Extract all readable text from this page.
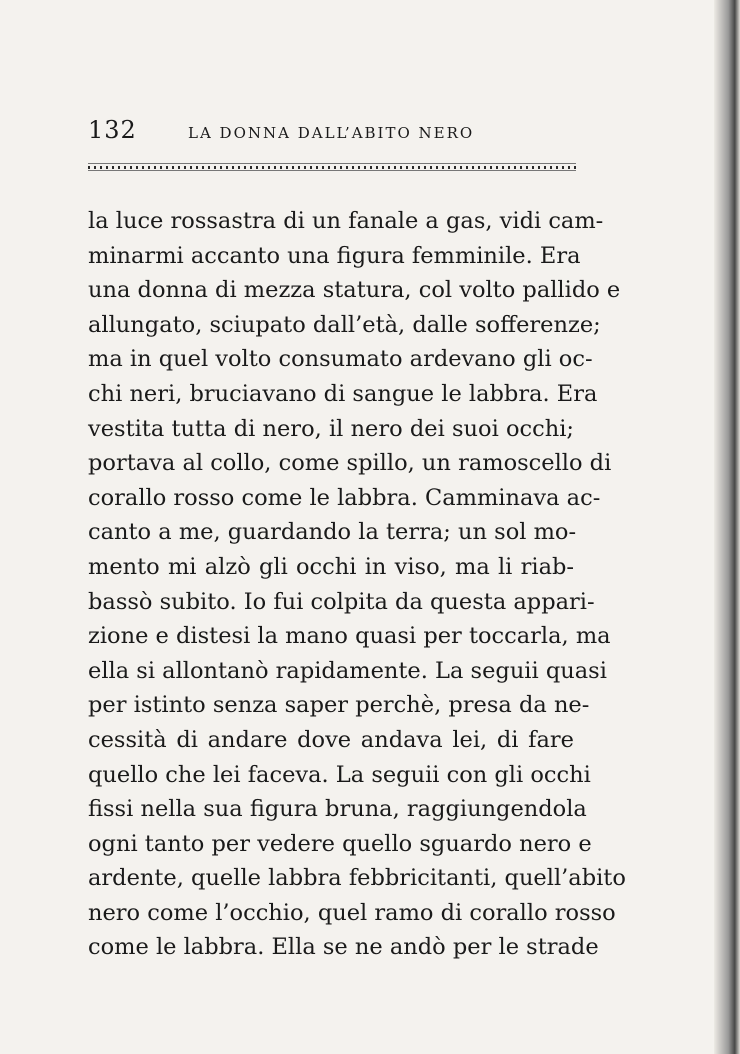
132	LA DONNA DALL’ABITO NERO
la luce rossastra di un fanale a gas, vidi cam-
minarmi accanto una figura femminile. Era
una donna di mezza statura, col volto pallido e
allungato, sciupato dall’età, dalle sofferenze;
ma in quel volto consumato ardevano gli oc-
chi neri, bruciavano di sangue le labbra. Era
vestita tutta di nero, il nero dei suoi occhi;
portava al collo, come spillo, un ramoscello di
corallo rosso come le labbra. Camminava ac-
canto a me, guardando la terra; un sol mo-
mento mi alzò gli occhi in viso, ma li riab-
bassò subito. Io fui colpita da questa appari-
zione e distesi la mano quasi per toccarla, ma
ella si allontanò rapidamente. La seguii quasi
per istinto senza saper perchè, presa da ne-
cessità di andare dove andava lei, di fare
quello che lei faceva. La seguii con gli occhi
fissi nella sua figura bruna, raggiungendola
ogni tanto per vedere quello sguardo nero e
ardente, quelle labbra febbricitanti, quell’abito
nero come l’occhio, quel ramo di corallo rosso
come le labbra. Ella se ne andò per le strade
